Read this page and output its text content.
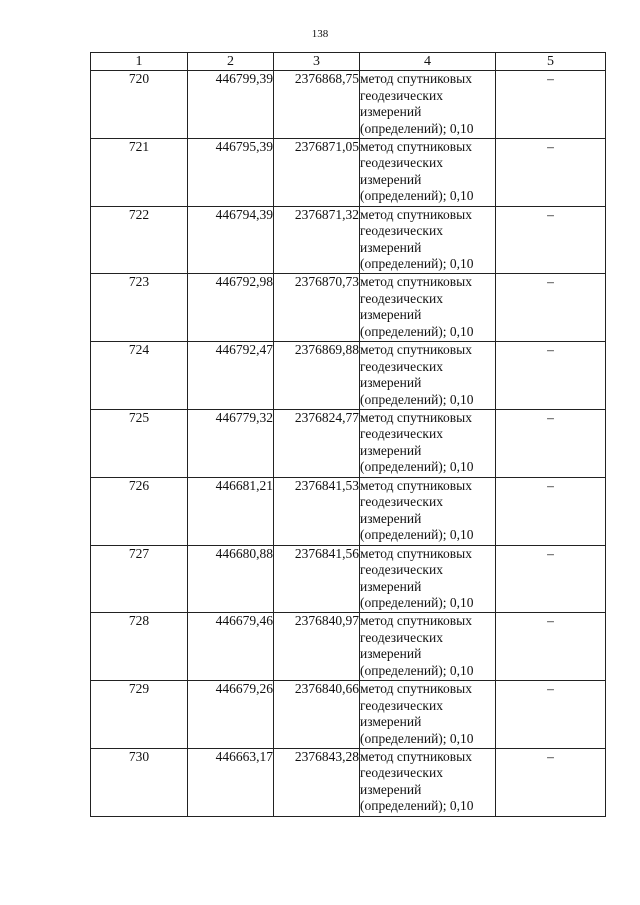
138
1	2	3	4	5
720	446799,39	2376868,75	метод спутниковых геодезических измерений (определений); 0,10	–
721	446795,39	2376871,05	метод спутниковых геодезических измерений (определений); 0,10	–
722	446794,39	2376871,32	метод спутниковых геодезических измерений (определений); 0,10	–
723	446792,98	2376870,73	метод спутниковых геодезических измерений (определений); 0,10	–
724	446792,47	2376869,88	метод спутниковых геодезических измерений (определений); 0,10	–
725	446779,32	2376824,77	метод спутниковых геодезических измерений (определений); 0,10	–
726	446681,21	2376841,53	метод спутниковых геодезических измерений (определений); 0,10	–
727	446680,88	2376841,56	метод спутниковых геодезических измерений (определений); 0,10	–
728	446679,46	2376840,97	метод спутниковых геодезических измерений (определений); 0,10	–
729	446679,26	2376840,66	метод спутниковых геодезических измерений (определений); 0,10	–
730	446663,17	2376843,28	метод спутниковых геодезических измерений (определений); 0,10	–
